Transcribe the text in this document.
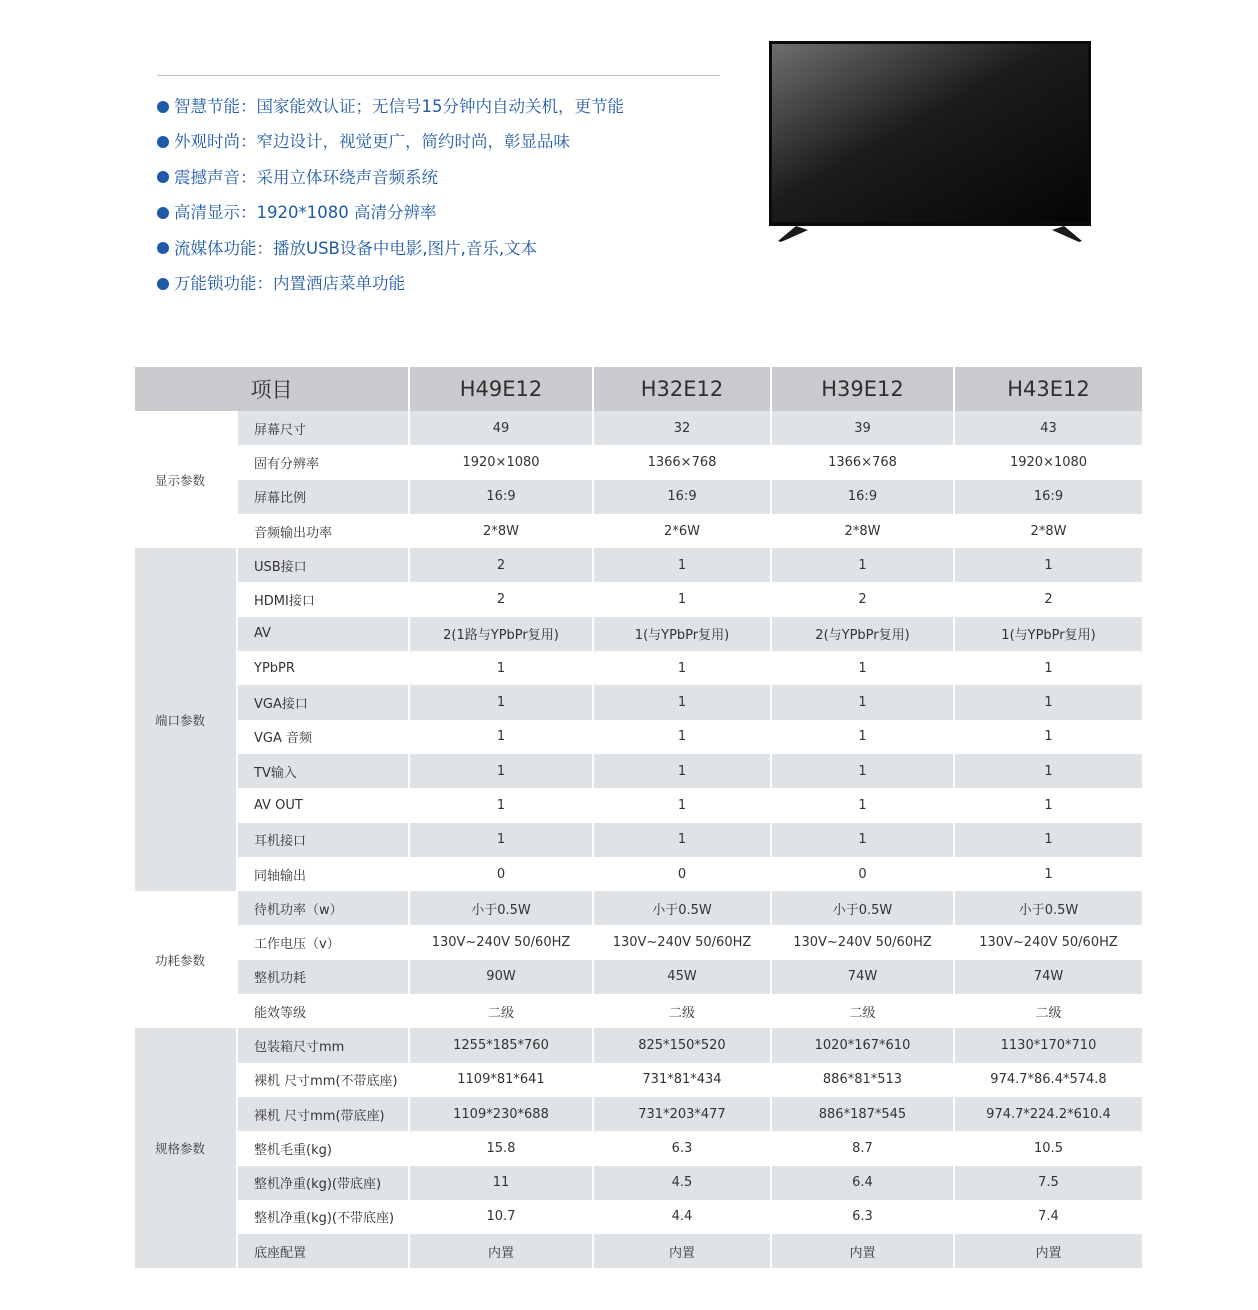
智慧节能：国家能效认证；无信号15分钟内自动关机，更节能
外观时尚：窄边设计，视觉更广，简约时尚，彰显品味
震撼声音：采用立体环绕声音频系统
高清显示：1920*1080 高清分辨率
流媒体功能：播放USB设备中电影,图片,音乐,文本
万能锁功能：内置酒店菜单功能
项目		H49E12	H32E12	H39E12	H43E12
显示参数	屏幕尺寸	49	32	39	43
	固有分辨率	1920×1080	1366×768	1366×768	1920×1080
	屏幕比例	16:9	16:9	16:9	16:9
	音频输出功率	2*8W	2*6W	2*8W	2*8W
端口参数	USB接口	2	1	1	1
	HDMI接口	2	1	2	2
	AV	2(1路与YPbPr复用)	1(与YPbPr复用)	2(与YPbPr复用)	1(与YPbPr复用)
	YPbPR	1	1	1	1
	VGA接口	1	1	1	1
	VGA 音频	1	1	1	1
	TV输入	1	1	1	1
	AV OUT	1	1	1	1
	耳机接口	1	1	1	1
	同轴输出	0	0	0	1
功耗参数	待机功率（w）	小于0.5W	小于0.5W	小于0.5W	小于0.5W
	工作电压（v）	130V~240V 50/60HZ	130V~240V 50/60HZ	130V~240V 50/60HZ	130V~240V 50/60HZ
	整机功耗	90W	45W	74W	74W
	能效等级	二级	二级	二级	二级
规格参数	包装箱尺寸mm	1255*185*760	825*150*520	1020*167*610	1130*170*710
	裸机 尺寸mm(不带底座)	1109*81*641	731*81*434	886*81*513	974.7*86.4*574.8
	裸机 尺寸mm(带底座)	1109*230*688	731*203*477	886*187*545	974.7*224.2*610.4
	整机毛重(kg)	15.8	6.3	8.7	10.5
	整机净重(kg)(带底座)	11	4.5	6.4	7.5
	整机净重(kg)(不带底座)	10.7	4.4	6.3	7.4
	底座配置	内置	内置	内置	内置
